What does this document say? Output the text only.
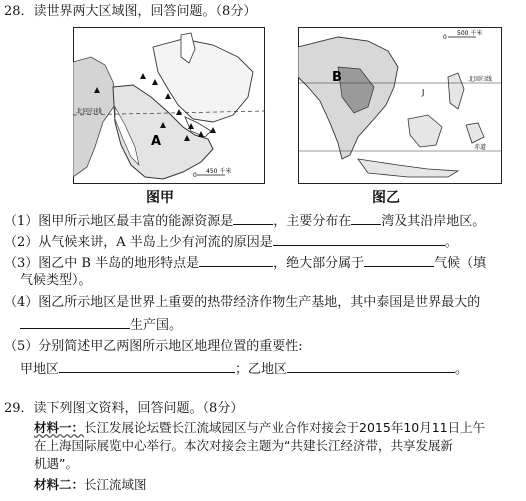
28．读世界两大区域图，回答问题。（8分）
北回归线
A
0
450 千米
北回归线
赤道
B
J
0
500 千米
图甲	图乙
（1）图甲所示地区最丰富的能源资源是	，主要分布在 湾及其沿岸地区。
（2）从气候来讲，A 半岛上少有河流的原因是	。
（3）图乙中 B 半岛的地形特点是	，绝大部分属于	气候（填
气候类型）。
（4）图乙所示地区是世界上重要的热带经济作物生产基地，其中泰国是世界最大的
生产国。
（5）分别简述甲乙两图所示地区地理位置的重要性:
甲地区	；乙地区	。
29．读下列图文资料，回答问题。（8分）
材料一：长江发展论坛暨长江流域园区与产业合作对接会于2015年10月11日上午
在上海国际展览中心举行。本次对接会主题为“共建长江经济带，共享发展新
机遇”。
材料二：长江流域图
